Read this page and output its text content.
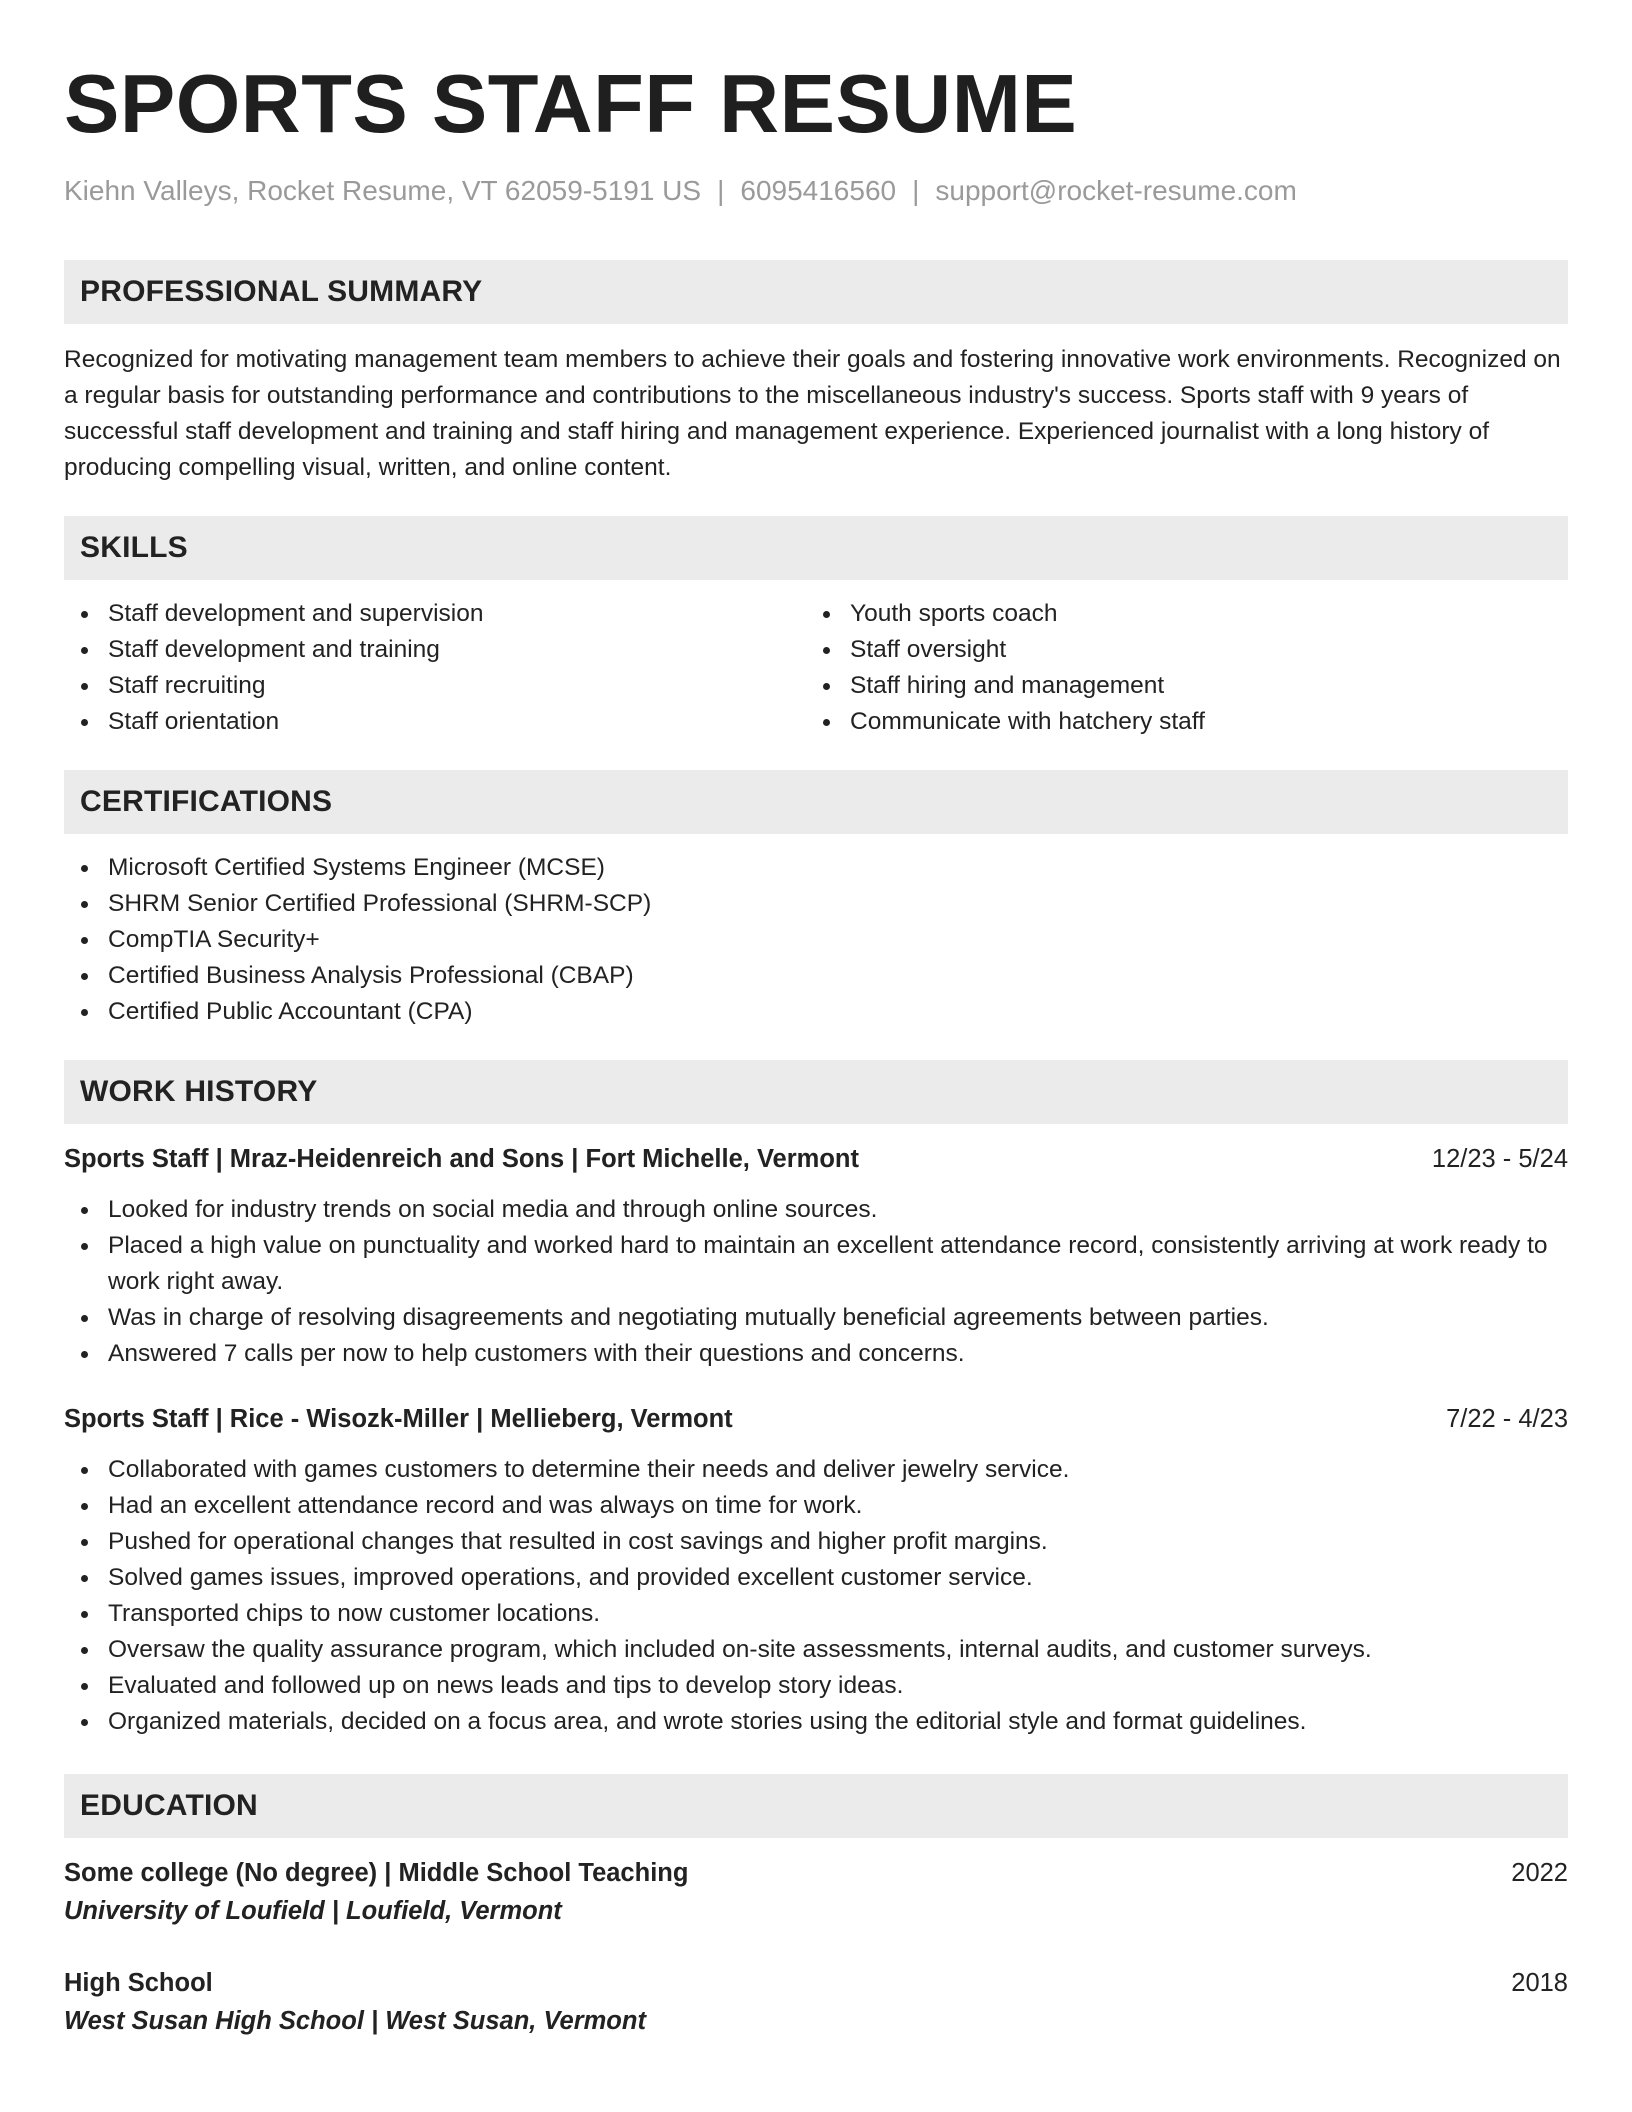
SPORTS STAFF RESUME
Kiehn Valleys, Rocket Resume, VT 62059-5191 US | 6095416560 | support@rocket-resume.com
PROFESSIONAL SUMMARY
Recognized for motivating management team members to achieve their goals and fostering innovative work environments. Recognized on a regular basis for outstanding performance and contributions to the miscellaneous industry's success. Sports staff with 9 years of successful staff development and training and staff hiring and management experience. Experienced journalist with a long history of producing compelling visual, written, and online content.
SKILLS
Staff development and supervision
Staff development and training
Staff recruiting
Staff orientation
Youth sports coach
Staff oversight
Staff hiring and management
Communicate with hatchery staff
CERTIFICATIONS
Microsoft Certified Systems Engineer (MCSE)
SHRM Senior Certified Professional (SHRM-SCP)
CompTIA Security+
Certified Business Analysis Professional (CBAP)
Certified Public Accountant (CPA)
WORK HISTORY
Sports Staff | Mraz-Heidenreich and Sons | Fort Michelle, Vermont	12/23 - 5/24
Looked for industry trends on social media and through online sources.
Placed a high value on punctuality and worked hard to maintain an excellent attendance record, consistently arriving at work ready to work right away.
Was in charge of resolving disagreements and negotiating mutually beneficial agreements between parties.
Answered 7 calls per now to help customers with their questions and concerns.
Sports Staff | Rice - Wisozk-Miller | Mellieberg, Vermont	7/22 - 4/23
Collaborated with games customers to determine their needs and deliver jewelry service.
Had an excellent attendance record and was always on time for work.
Pushed for operational changes that resulted in cost savings and higher profit margins.
Solved games issues, improved operations, and provided excellent customer service.
Transported chips to now customer locations.
Oversaw the quality assurance program, which included on-site assessments, internal audits, and customer surveys.
Evaluated and followed up on news leads and tips to develop story ideas.
Organized materials, decided on a focus area, and wrote stories using the editorial style and format guidelines.
EDUCATION
Some college (No degree) | Middle School Teaching	2022
University of Loufield | Loufield, Vermont
High School	2018
West Susan High School | West Susan, Vermont
